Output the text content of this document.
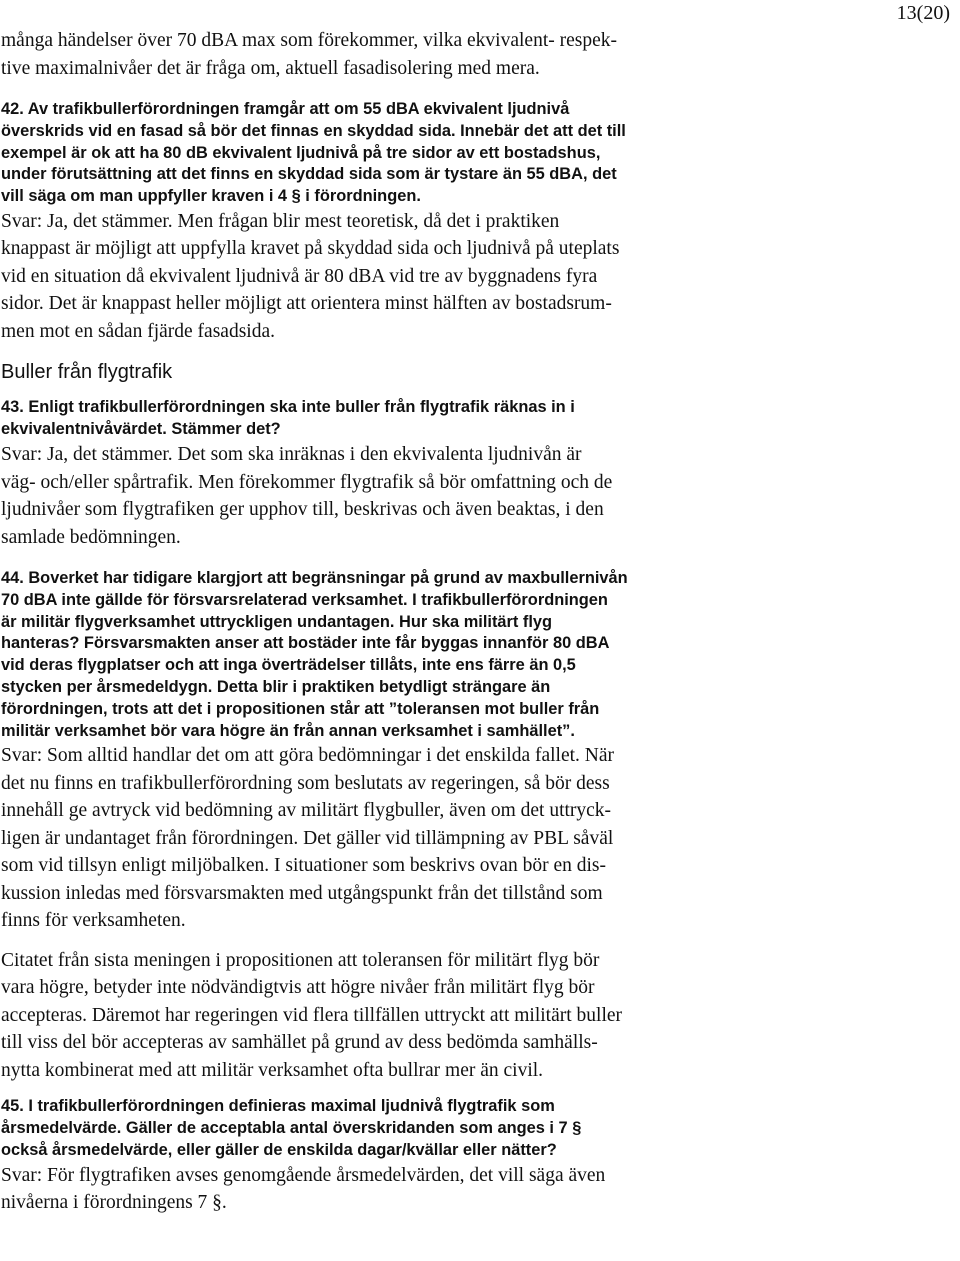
13(20)

många händelser över 70 dBA max som förekommer, vilka ekvivalent- respek-

tive maximalnivåer det är fråga om, aktuell fasadisolering med mera.

42. Av trafikbullerförordningen framgår att om 55 dBA ekvivalent ljudnivå

överskrids vid en fasad så bör det finnas en skyddad sida. Innebär det att det till

exempel är ok att ha 80 dB ekvivalent ljudnivå på tre sidor av ett bostadshus,

under förutsättning att det finns en skyddad sida som är tystare än 55 dBA, det

vill säga om man uppfyller kraven i 4 § i förordningen.

Svar: Ja, det stämmer. Men frågan blir mest teoretisk, då det i praktiken

knappast är möjligt att uppfylla kravet på skyddad sida och ljudnivå på uteplats

vid en situation då ekvivalent ljudnivå är 80 dBA vid tre av byggnadens fyra

sidor. Det är knappast heller möjligt att orientera minst hälften av bostadsrum-

men mot en sådan fjärde fasadsida.

Buller från flygtrafik

43. Enligt trafikbullerförordningen ska inte buller från flygtrafik räknas in i

ekvivalentnivåvärdet. Stämmer det?

Svar: Ja, det stämmer. Det som ska inräknas i den ekvivalenta ljudnivån är

väg- och/eller spårtrafik. Men förekommer flygtrafik så bör omfattning och de

ljudnivåer som flygtrafiken ger upphov till, beskrivas och även beaktas, i den

samlade bedömningen.

44. Boverket har tidigare klargjort att begränsningar på grund av maxbullernivån

70 dBA inte gällde för försvarsrelaterad verksamhet. I trafikbullerförordningen

är militär flygverksamhet uttryckligen undantagen. Hur ska militärt flyg

hanteras? Försvarsmakten anser att bostäder inte får byggas innanför 80 dBA

vid deras flygplatser och att inga överträdelser tillåts, inte ens färre än 0,5

stycken per årsmedeldygn. Detta blir i praktiken betydligt strängare än

förordningen, trots att det i propositionen står att ”toleransen mot buller från

militär verksamhet bör vara högre än från annan verksamhet i samhället”.

Svar: Som alltid handlar det om att göra bedömningar i det enskilda fallet. När

det nu finns en trafikbullerförordning som beslutats av regeringen, så bör dess

innehåll ge avtryck vid bedömning av militärt flygbuller, även om det uttryck-

ligen är undantaget från förordningen. Det gäller vid tillämpning av PBL såväl

som vid tillsyn enligt miljöbalken. I situationer som beskrivs ovan bör en dis-

kussion inledas med försvarsmakten med utgångspunkt från det tillstånd som

finns för verksamheten.

Citatet från sista meningen i propositionen att toleransen för militärt flyg bör

vara högre, betyder inte nödvändigtvis att högre nivåer från militärt flyg bör

accepteras. Däremot har regeringen vid flera tillfällen uttryckt att militärt buller

till viss del bör accepteras av samhället på grund av dess bedömda samhälls-

nytta kombinerat med att militär verksamhet ofta bullrar mer än civil.

45. I trafikbullerförordningen definieras maximal ljudnivå flygtrafik som

årsmedelvärde. Gäller de acceptabla antal överskridanden som anges i 7 §

också årsmedelvärde, eller gäller de enskilda dagar/kvällar eller nätter?

Svar: För flygtrafiken avses genomgående årsmedelvärden, det vill säga även

nivåerna i förordningens 7 §.
